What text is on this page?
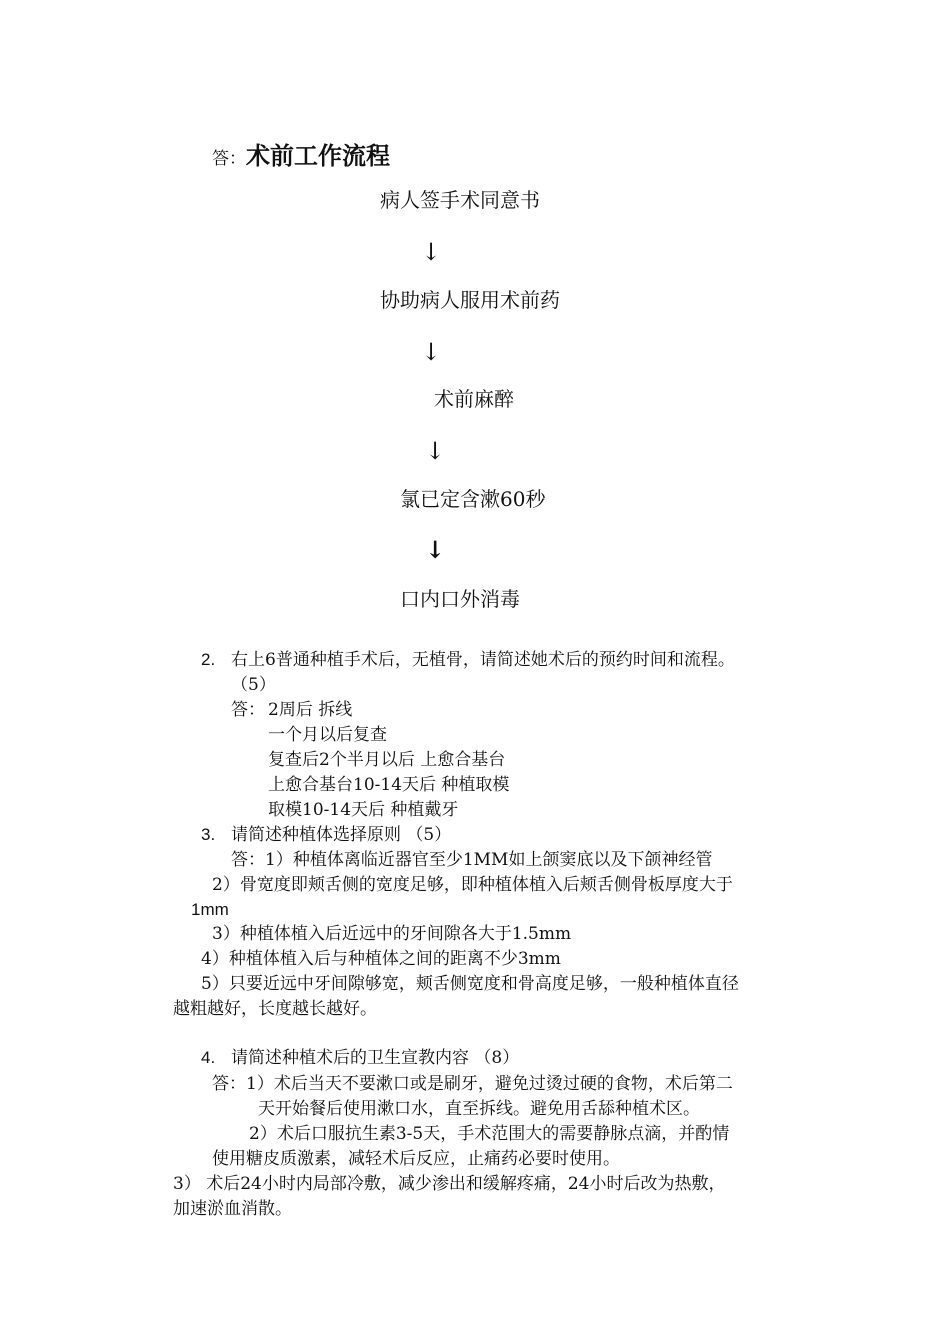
答：术前工作流程
病人签手术同意书
↓
协助病人服用术前药
↓
术前麻醉
↓
氯已定含漱60秒
↓
口内口外消毒
2. 右上6普通种植手术后，无植骨，请简述她术后的预约时间和流程。
（5）
答： 2周后 拆线
一个月以后复查
复查后2个半月以后 上愈合基台
上愈合基台10-14天后 种植取模
取模10-14天后 种植戴牙
3. 请简述种植体选择原则 （5）
答：1）种植体离临近器官至少1MM如上颌窦底以及下颌神经管
2）骨宽度即颊舌侧的宽度足够，即种植体植入后颊舌侧骨板厚度大于
1mm
3）种植体植入后近远中的牙间隙各大于1.5mm
4）种植体植入后与种植体之间的距离不少3mm
5）只要近远中牙间隙够宽，颊舌侧宽度和骨高度足够，一般种植体直径
越粗越好，长度越长越好。
4. 请简述种植术后的卫生宣教内容 （8）
答：1）术后当天不要漱口或是刷牙，避免过烫过硬的食物，术后第二
天开始餐后使用漱口水，直至拆线。避免用舌舔种植术区。
2）术后口服抗生素3-5天，手术范围大的需要静脉点滴，并酌情
使用糖皮质激素，减轻术后反应，止痛药必要时使用。
3） 术后24小时内局部冷敷，减少渗出和缓解疼痛，24小时后改为热敷，
加速淤血消散。
